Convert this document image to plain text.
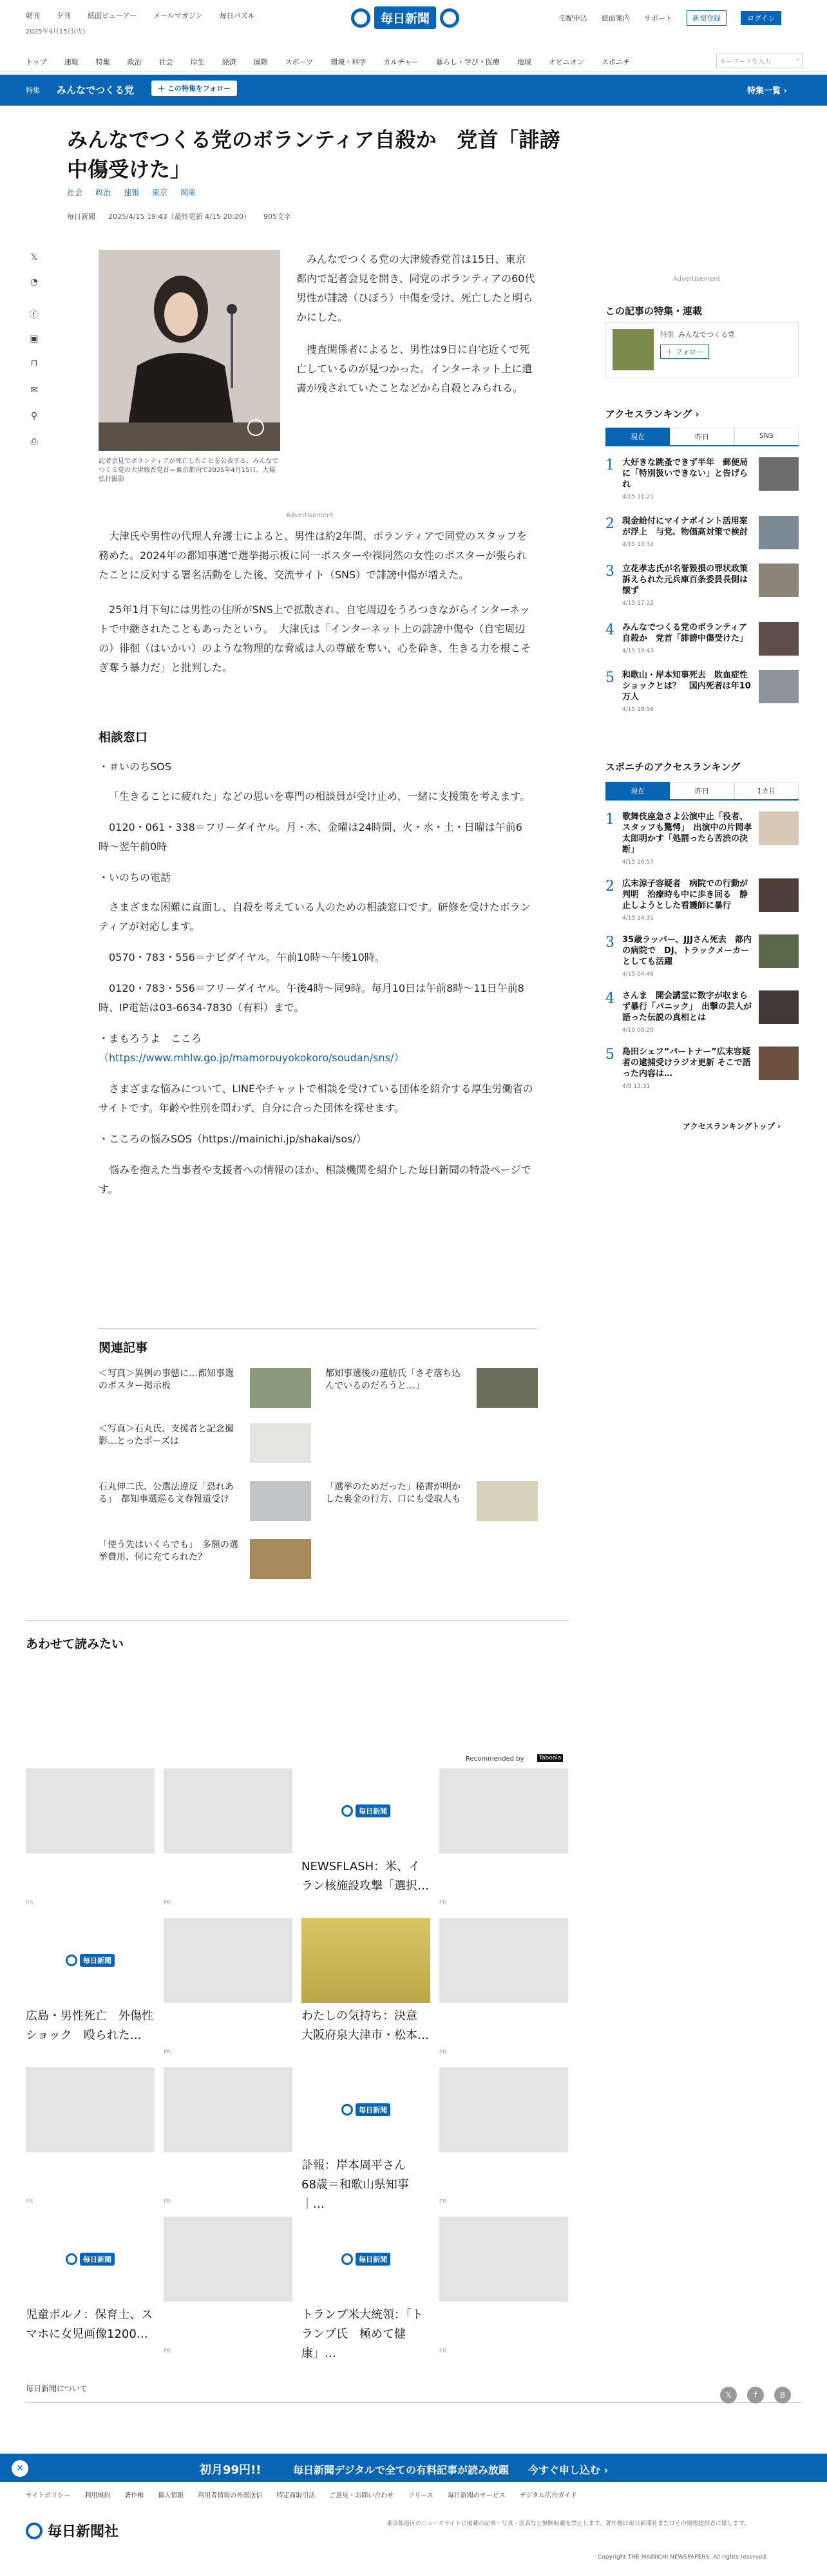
朝刊 夕刊 紙面ビューアー メールマガジン 毎日パズル
2025年4月15日(火)
毎日新聞	宅配申込 紙面案内 サポート	新規登録	ログイン
トップ 速報 特集 政治 社会 岸生 経済 国際 スポーツ 環境・科学 カルチャー 暮らし・学び・医療 地域 オピニオン スポニチ	キーワードを入力	⌕
特集 みんなでつくる党	＋ この特集をフォロー	特集一覧 ›
みんなでつくる党のボランティア自殺か　党首「誹謗中傷受けた」
社会 政治 速報 東京 関東
毎日新聞 2025/4/15 19:43（最終更新 4/15 20:20） 905文字
𝕏
◔
ⓕ
▣
⊓
✉
⚲
⎙
記者会見でボランティアが死亡したことを公表する、みんなでつくる党の大津綾香党首＝東京都内で2025年4月15日、大場弘行撮影

みんなでつくる党の大津綾香党首は15日、東京都内で記者会見を開き、同党のボランティアの60代男性が誹謗（ひぼう）中傷を受け、死亡したと明らかにした。

捜査関係者によると、男性は9日に自宅近くで死亡しているのが見つかった。インターネット上に遺書が残されていたことなどから自殺とみられる。

Advertisement

大津氏や男性の代理人弁護士によると、男性は約2年間、ボランティアで同党のスタッフを務めた。2024年の都知事選で選挙掲示板に同一ポスターや裸同然の女性のポスターが張られたことに反対する署名活動をした後、交流サイト（SNS）で誹謗中傷が増えた。

25年1月下旬には男性の住所がSNS上で拡散され、自宅周辺をうろつきながらインターネットで中継されたこともあったという。　大津氏は「インターネット上の誹謗中傷や（自宅周辺の）徘徊（はいかい）のような物理的な脅威は人の尊厳を奪い、心を砕き、生きる力を根こそぎ奪う暴力だ」と批判した。

相談窓口

・＃いのちSOS

「生きることに疲れた」などの思いを専門の相談員が受け止め、一緒に支援策を考えます。

0120・061・338＝フリーダイヤル。月・木、金曜は24時間、火・水・土・日曜は午前6時〜翌午前0時

・いのちの電話

さまざまな困難に直面し、自殺を考えている人のための相談窓口です。研修を受けたボランティアが対応します。

0570・783・556＝ナビダイヤル。午前10時〜午後10時。

0120・783・556＝フリーダイヤル。午後4時〜同9時。毎月10日は午前8時〜11日午前8時、IP電話は03-6634-7830（有料）まで。

・まもろうよ　こころ

（https://www.mhlw.go.jp/mamorouyokokoro/soudan/sns/）

さまざまな悩みについて、LINEやチャットで相談を受けている団体を紹介する厚生労働省のサイトです。年齢や性別を問わず、自分に合った団体を探せます。

・こころの悩みSOS（https://mainichi.jp/shakai/sos/）

悩みを抱えた当事者や支援者への情報のほか、相談機関を紹介した毎日新聞の特設ページです。

関連記事
＜写真＞異例の事態に…都知事選のポスター掲示板
都知事選後の蓮舫氏「さぞ落ち込んでいるのだろうと…」
＜写真＞石丸氏、支援者と記念撮影…とったポーズは
石丸伸二氏、公選法違反「恐れある」　都知事選巡る文春報道受け
「選挙のためだった」秘書が明かした裏金の行方、口にも受取人も
「使う先はいくらでも」　多額の選挙費用、何に充てられた？
あわせて読みたい
Recommended by	Taboola
PR	PR
毎日新聞
NEWSFLASH：米、イラン核施設攻撃「選択…
PR
毎日新聞
広島・男性死亡　外傷性ショック　殴られた…
PR
わたしの気持ち：決意　大阪府泉大津市・松本…
PR
PR	PR
毎日新聞
訃報：岸本周平さん　68歳＝和歌山県知事｜…	PR
毎日新聞
児童ポルノ：保育士、スマホに女児画像1200…
PR
毎日新聞
トランプ米大統領：「トランプ氏　極めて健康」…	PR
Advertisement
この記事の特集・連載
特集 みんなでつくる党
＋ フォロー
アクセスランキング ›
現在	昨日	SNS
1 大好きな跳蚤できず半年　郵便局に「特別扱いできない」と告げられ
4/15 11:21
2 現金給付にマイナポイント活用案が浮上　与党、物価高対策で検討
4/15 13:32
3 立花孝志氏が名誉毀損の罪状政策　訴えられた元兵庫百条委員長側は懐ず
4/15 17:22
4 みんなでつくる党のボランティア自殺か　党首「誹謗中傷受けた」
4/15 19:43
5 和歌山・岸本知事死去　敗血症性ショックとは？　国内死者は年10万人
4/15 18:56
スポニチのアクセスランキング
現在	昨日	1カ月
1 歌舞伎座急さよ公演中止「役者、スタッフも驚愕」　出演中の片岡孝太郎明かす「処罰ったら苦渋の決断」
4/15 16:57
2 広末涼子容疑者　病院での行動が判明　治療時も中に歩き回る　静止しようとした看護師に暴行
4/15 14:31
3 35歳ラッパー、JJJさん死去　都内の病院で　DJ、トラックメーカーとしても活躍
4/15 04:46
4 さんま　開会講堂に数字が収まらず暴行「パニック」　出撃の芸人が語った伝説の真相とは
4/10 09:20
5 島田シェフ“パートナー”広末容疑者の逮捕受けラジオ更新 そこで語った内容は…
4/9 13:31
アクセスランキングトップ ›
毎日新聞について
𝕏	f	B
✕	初月99円!!	毎日新聞デジタルで全ての有料記事が読み放題 今すぐ申し込む ›
サイトポリシー 利用規約 著作権 個人情報 利用者情報の外部送信 特定商取引法 ご意見・お問い合わせ ソリース 毎日新聞のサービス デジタル広告ガイド
毎日新聞社	東京都港区のニュースサイトに掲載の記事・写真・図表など無断転載を禁止します。著作権は毎日新聞社またはその情報提供者に属します。
Copyright THE MAINICHI NEWSPAPERS. All rights reserved.
